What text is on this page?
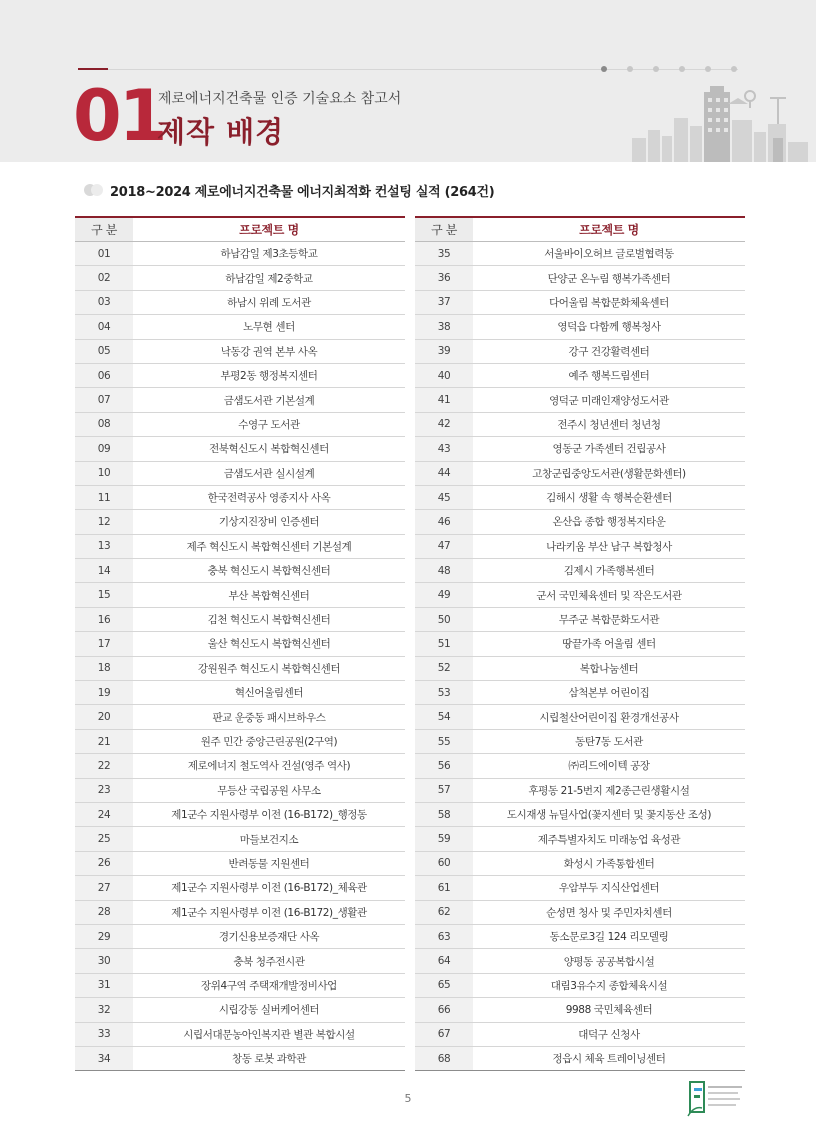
01
제로에너지건축물 인증 기술요소 참고서
제작 배경
2018~2024 제로에너지건축물 에너지최적화 컨설팅 실적 (264건)
구 분	프로젝트 명
01	하남감일 제3초등학교
02	하남감일 제2중학교
03	하남시 위례 도서관
04	노무현 센터
05	낙동강 권역 본부 사옥
06	부평2동 행정복지센터
07	금샘도서관 기본설계
08	수영구 도서관
09	전북혁신도시 복합혁신센터
10	금샘도서관 실시설계
11	한국전력공사 영종지사 사옥
12	기상지진장비 인증센터
13	제주 혁신도시 복합혁신센터 기본설계
14	충북 혁신도시 복합혁신센터
15	부산 복합혁신센터
16	김천 혁신도시 복합혁신센터
17	울산 혁신도시 복합혁신센터
18	강원원주 혁신도시 복합혁신센터
19	혁신어울림센터
20	판교 운중동 패시브하우스
21	원주 민간 중앙근린공원(2구역)
22	제로에너지 철도역사 건설(영주 역사)
23	무등산 국립공원 사무소
24	제1군수 지원사령부 이전 (16-B172)_행정동
25	마들보건지소
26	반려동물 지원센터
27	제1군수 지원사령부 이전 (16-B172)_체육관
28	제1군수 지원사령부 이전 (16-B172)_생활관
29	경기신용보증재단 사옥
30	충북 청주전시관
31	장위4구역 주택재개발정비사업
32	시립강동 실버케어센터
33	시립서대문농아인복지관 별관 복합시설
34	창동 로봇 과학관
구 분	프로젝트 명
35	서울바이오허브 글로벌협력동
36	단양군 온누림 행복가족센터
37	다어울림 복합문화체육센터
38	영덕읍 다함께 행복청사
39	강구 건강활력센터
40	예주 행복드림센터
41	영덕군 미래인재양성도서관
42	전주시 청년센터 청년청
43	영동군 가족센터 건립공사
44	고창군립중앙도서관(생활문화센터)
45	김해시 생활 속 행복순환센터
46	온산읍 종합 행정복지타운
47	나라키움 부산 남구 복합청사
48	김제시 가족행복센터
49	군서 국민체육센터 및 작은도서관
50	무주군 복합문화도서관
51	땅끝가족 어울림 센터
52	복합나눔센터
53	삼척본부 어린이집
54	시립철산어린이집 환경개선공사
55	동탄7동 도서관
56	㈜리드에이텍 공장
57	후평동 21-5번지 제2종근린생활시설
58	도시재생 뉴딜사업(꽃지센터 및 꽃지동산 조성)
59	제주특별자치도 미래농업 육성관
60	화성시 가족통합센터
61	우암부두 지식산업센터
62	순성면 청사 및 주민자치센터
63	동소문로3길 124 리모델링
64	양평동 공공복합시설
65	대림3유수지 종합체육시설
66	9988 국민체육센터
67	대덕구 신청사
68	정읍시 체육 트레이닝센터
5
